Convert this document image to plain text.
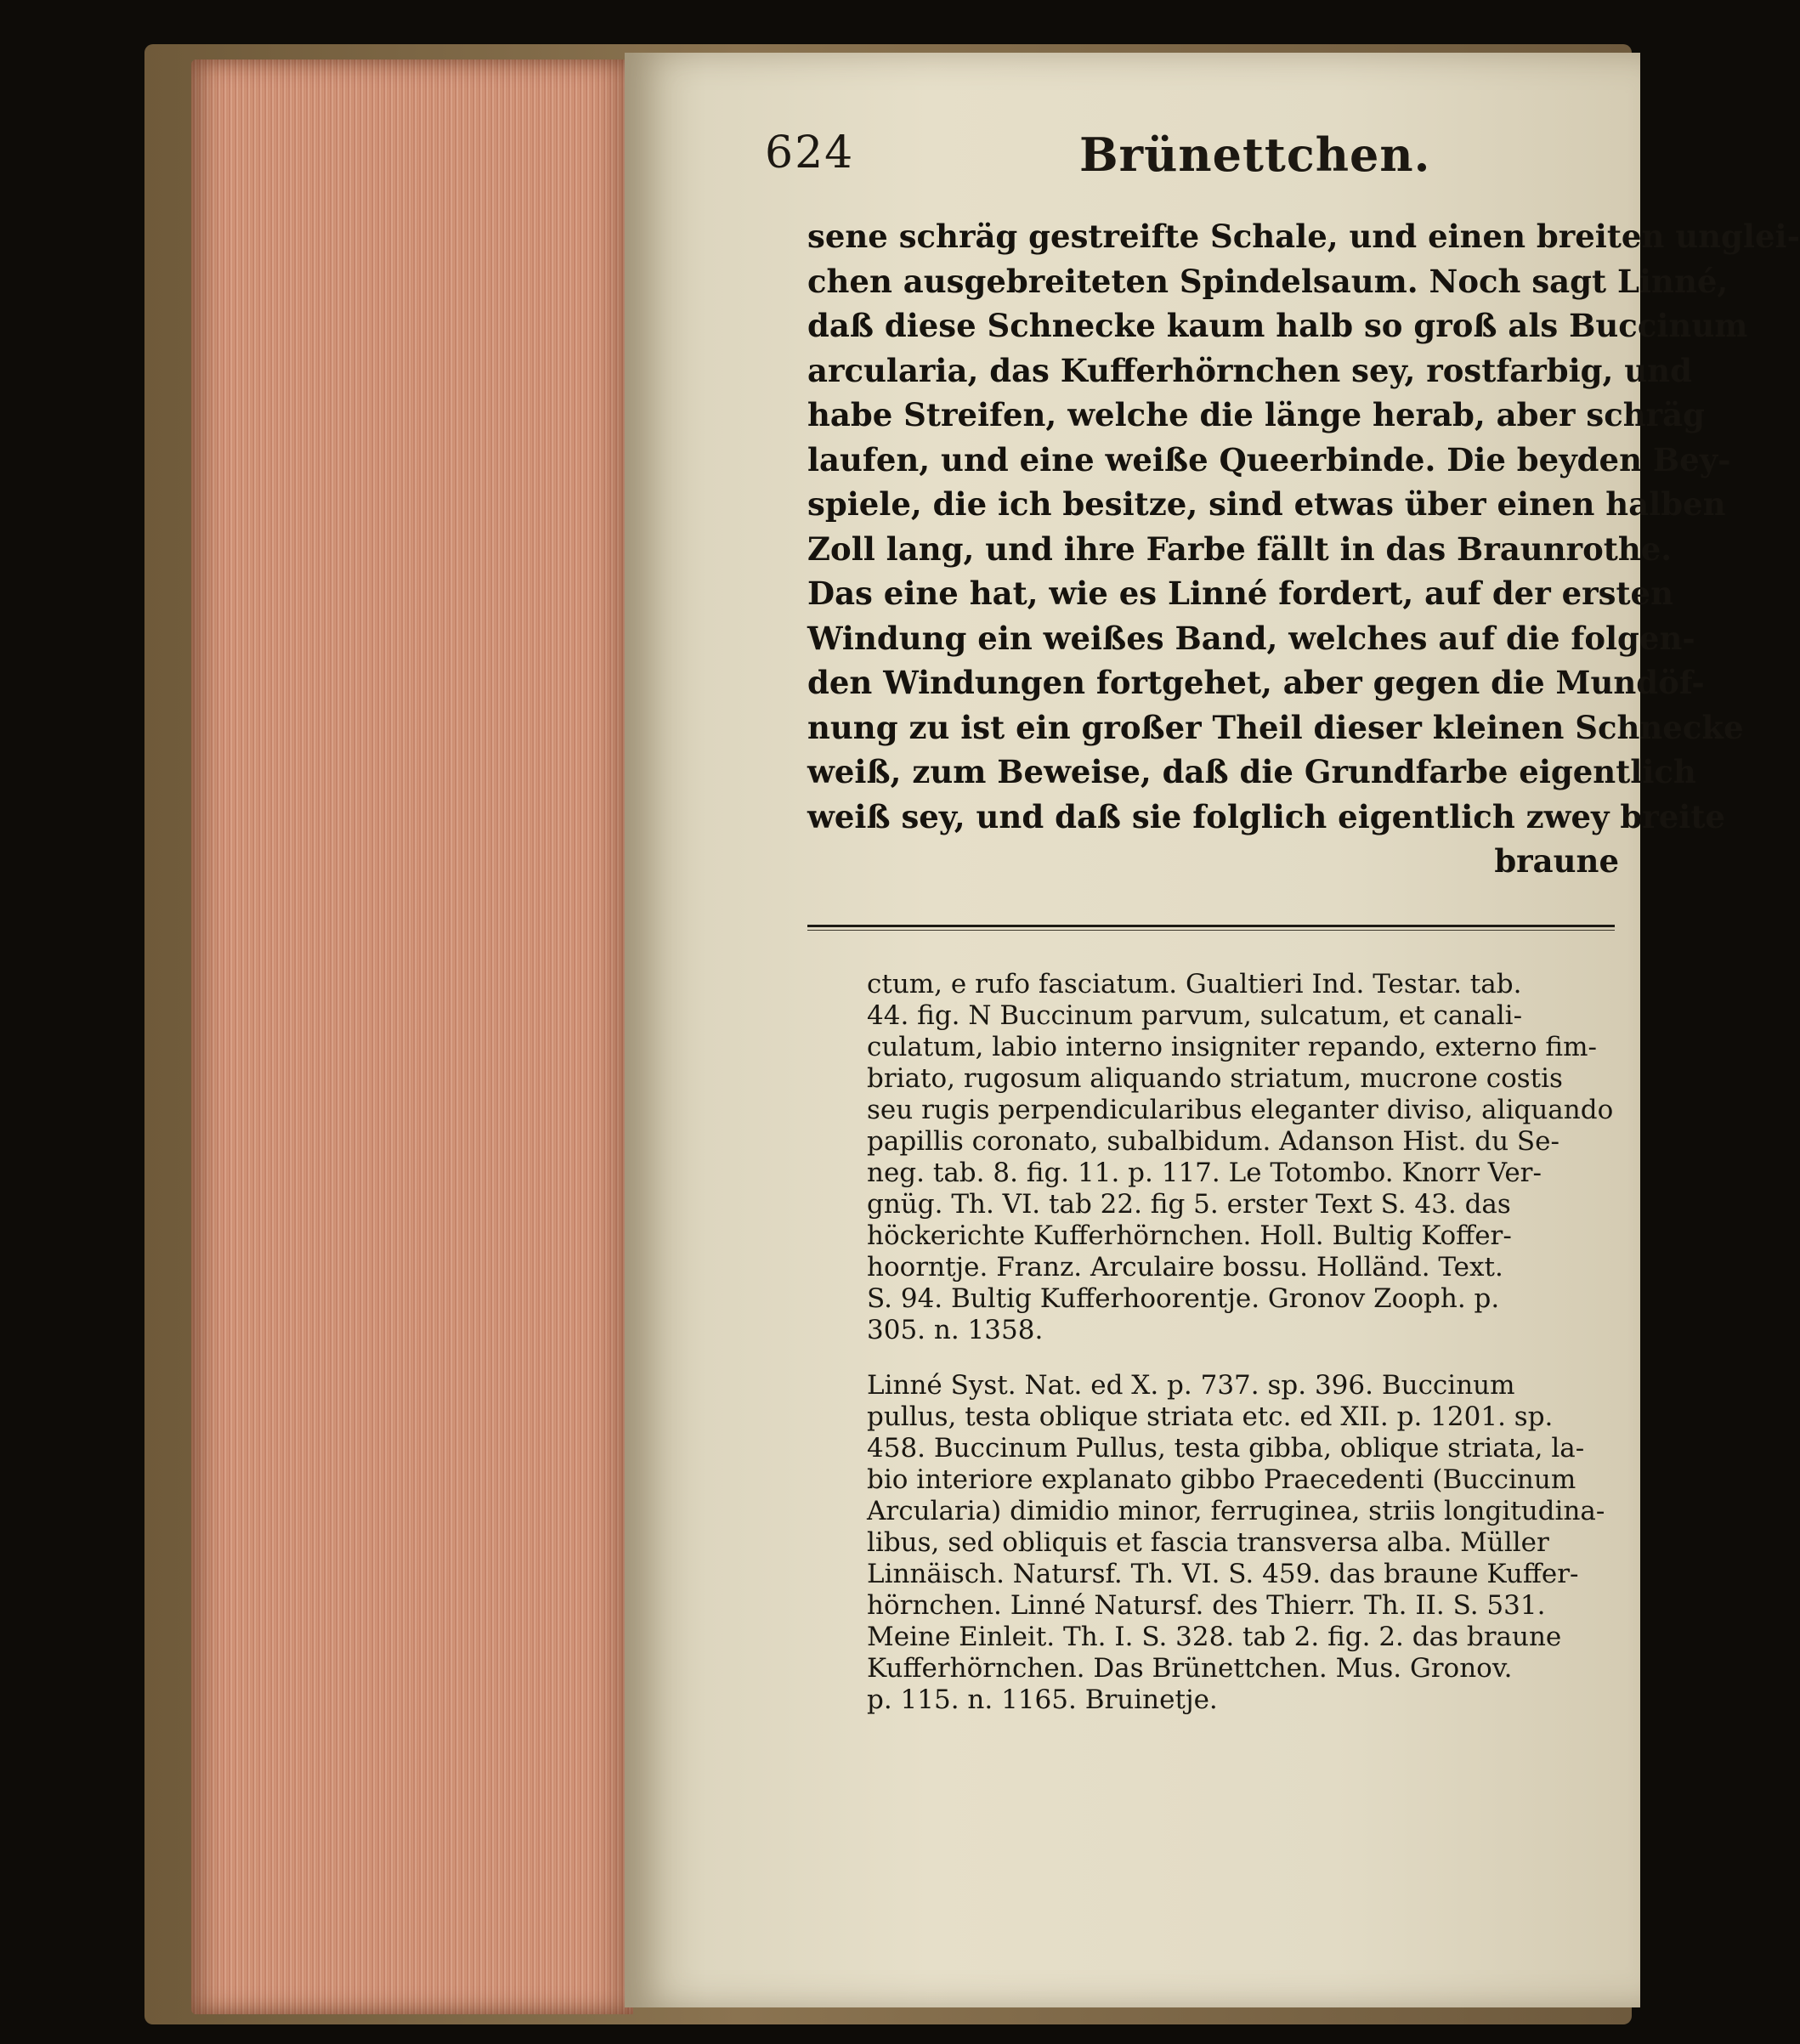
624	Brünettchen.
sene schräg gestreifte Schale, und einen breiten unglei-
chen ausgebreiteten Spindelsaum. Noch sagt Linné,
daß diese Schnecke kaum halb so groß als Buccinum
arcularia, das Kufferhörnchen sey, rostfarbig, und
habe Streifen, welche die länge herab, aber schräg
laufen, und eine weiße Queerbinde. Die beyden Bey-
spiele, die ich besitze, sind etwas über einen halben
Zoll lang, und ihre Farbe fällt in das Braunrothe.
Das eine hat, wie es Linné fordert, auf der ersten
Windung ein weißes Band, welches auf die folgen-
den Windungen fortgehet, aber gegen die Mundöf-
nung zu ist ein großer Theil dieser kleinen Schnecke
weiß, zum Beweise, daß die Grundfarbe eigentlich
weiß sey, und daß sie folglich eigentlich zwey breite
braune
ctum, e rufo fasciatum. Gualtieri Ind. Testar. tab.
44. fig. N Buccinum parvum, sulcatum, et canali-
culatum, labio interno insigniter repando, externo fim-
briato, rugosum aliquando striatum, mucrone costis
seu rugis perpendicularibus eleganter diviso, aliquando
papillis coronato, subalbidum. Adanson Hist. du Se-
neg. tab. 8. fig. 11. p. 117. Le Totombo. Knorr Ver-
gnüg. Th. VI. tab 22. fig 5. erster Text S. 43. das
höckerichte Kufferhörnchen. Holl. Bultig Koffer-
hoorntje. Franz. Arculaire bossu. Holländ. Text.
S. 94. Bultig Kufferhoorentje. Gronov Zooph. p.
305. n. 1358.
Linné Syst. Nat. ed X. p. 737. sp. 396. Buccinum
pullus, testa oblique striata etc. ed XII. p. 1201. sp.
458. Buccinum Pullus, testa gibba, oblique striata, la-
bio interiore explanato gibbo Praecedenti (Buccinum
Arcularia) dimidio minor, ferruginea, striis longitudina-
libus, sed obliquis et fascia transversa alba. Müller
Linnäisch. Natursf. Th. VI. S. 459. das braune Kuffer-
hörnchen. Linné Natursf. des Thierr. Th. II. S. 531.
Meine Einleit. Th. I. S. 328. tab 2. fig. 2. das braune
Kufferhörnchen. Das Brünettchen. Mus. Gronov.
p. 115. n. 1165. Bruinetje.
